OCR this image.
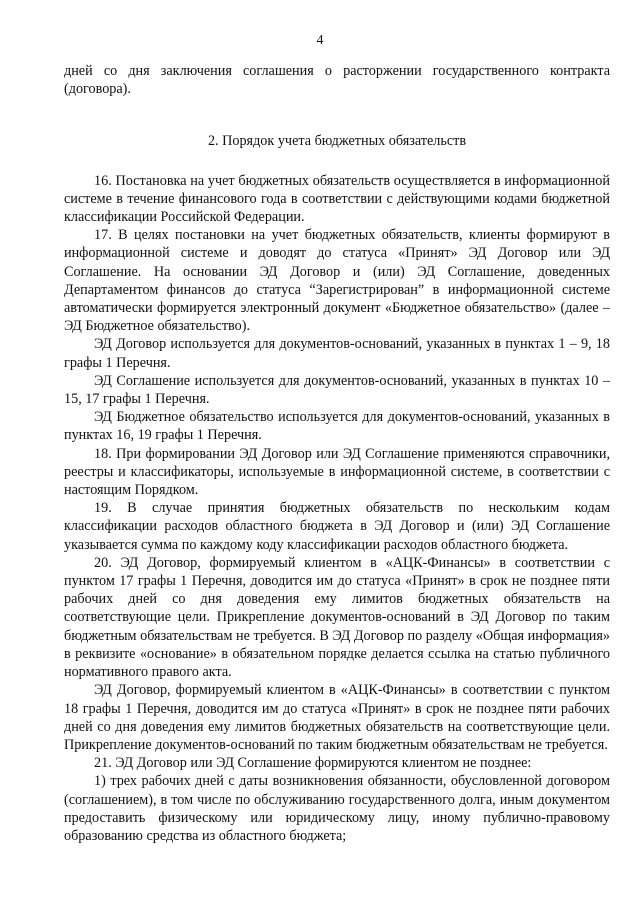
4

дней со дня заключения соглашения о расторжении государственного контракта (договора).

2. Порядок учета бюджетных обязательств

16. Постановка на учет бюджетных обязательств осуществляется в информационной системе в течение финансового года в соответствии с действующими кодами бюджетной классификации Российской Федерации.

17. В целях постановки на учет бюджетных обязательств, клиенты формируют в информационной системе и доводят до статуса «Принят» ЭД Договор или ЭД Соглашение. На основании ЭД Договор и (или) ЭД Соглашение, доведенных Департаментом финансов до статуса “Зарегистрирован” в информационной системе автоматически формируется электронный документ «Бюджетное обязательство» (далее – ЭД Бюджетное обязательство).

ЭД Договор используется для документов-оснований, указанных в пунктах 1 – 9, 18 графы 1 Перечня.

ЭД Соглашение используется для документов-оснований, указанных в пунктах 10 – 15, 17 графы 1 Перечня.

ЭД Бюджетное обязательство используется для документов-оснований, указанных в пунктах 16, 19 графы 1 Перечня.

18. При формировании ЭД Договор или ЭД Соглашение применяются справочники, реестры и классификаторы, используемые в информационной системе, в соответствии с настоящим Порядком.

19. В случае принятия бюджетных обязательств по нескольким кодам классификации расходов областного бюджета в ЭД Договор и (или) ЭД Соглашение указывается сумма по каждому коду классификации расходов областного бюджета.

20. ЭД Договор, формируемый клиентом в «АЦК-Финансы» в соответствии с пунктом 17 графы 1 Перечня, доводится им до статуса «Принят» в срок не позднее пяти рабочих дней со дня доведения ему лимитов бюджетных обязательств на соответствующие цели. Прикрепление документов-оснований в ЭД Договор по таким бюджетным обязательствам не требуется. В ЭД Договор по разделу «Общая информация» в реквизите «основание» в обязательном порядке делается ссылка на статью публичного нормативного правого акта.

ЭД Договор, формируемый клиентом в «АЦК-Финансы» в соответствии с пунктом 18 графы 1 Перечня, доводится им до статуса «Принят» в срок не позднее пяти рабочих дней со дня доведения ему лимитов бюджетных обязательств на соответствующие цели. Прикрепление документов-оснований по таким бюджетным обязательствам не требуется.

21. ЭД Договор или ЭД Соглашение формируются клиентом не позднее:

1) трех рабочих дней с даты возникновения обязанности, обусловленной договором (соглашением), в том числе по обслуживанию государственного долга, иным документом предоставить физическому или юридическому лицу, иному публично-правовому образованию средства из областного бюджета;
